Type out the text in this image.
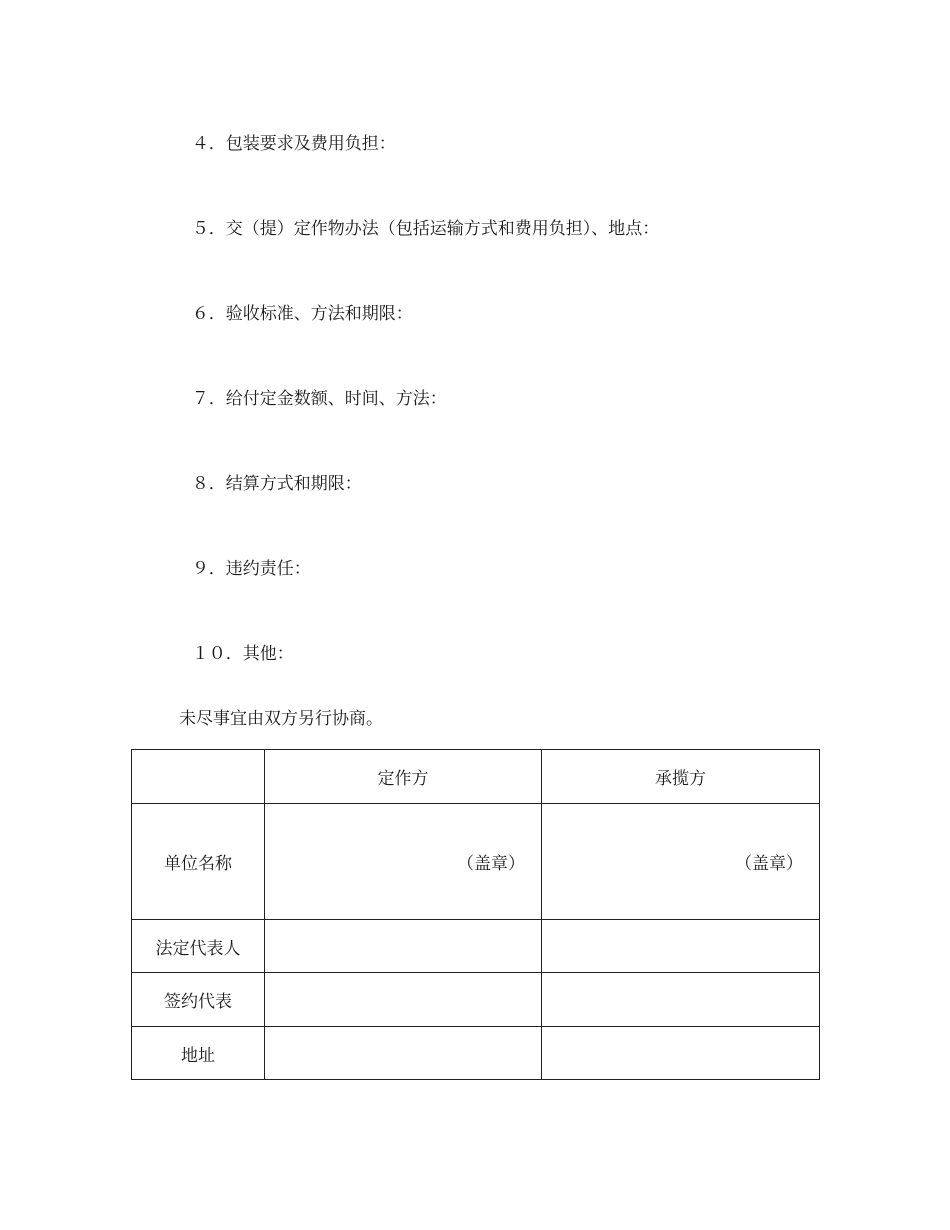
４．包装要求及费用负担：

５．交（提）定作物办法（包括运输方式和费用负担）、地点：

６．验收标准、方法和期限：

７．给付定金数额、时间、方法：

８．结算方式和期限：

９．违约责任：

１０．其他：

未尽事宜由双方另行协商。
	定作方	承揽方
单位名称	（盖章）	（盖章）
法定代表人		
签约代表		
地址		
